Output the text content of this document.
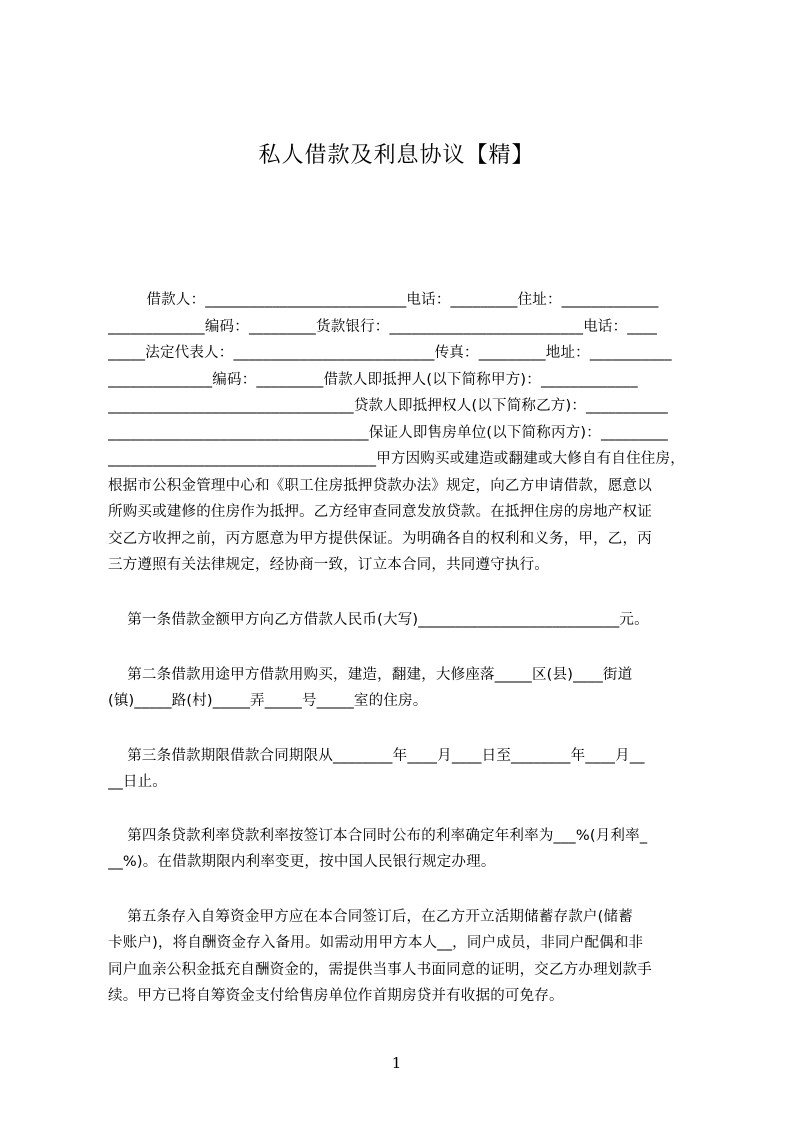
私人借款及利息协议【精】
借款人：___________________________电话：_________住址：_____________
_____________编码：_________货款银行：__________________________电话：____
_____法定代表人：___________________________传真：_________地址：___________
______________编码：_________借款人即抵押人(以下简称甲方)：_____________
_________________________________贷款人即抵押权人(以下简称乙方)：___________
___________________________________保证人即售房单位(以下简称丙方)：_________
____________________________________甲方因购买或建造或翻建或大修自有自住住房，
根据市公积金管理中心和《职工住房抵押贷款办法》规定，向乙方申请借款，愿意以
所购买或建修的住房作为抵押。乙方经审查同意发放贷款。在抵押住房的房地产权证
交乙方收押之前，丙方愿意为甲方提供保证。为明确各自的权利和义务，甲，乙，丙
三方遵照有关法律规定，经协商一致，订立本合同，共同遵守执行。
第一条借款金额甲方向乙方借款人民币(大写)___________________________元。
第二条借款用途甲方借款用购买，建造，翻建，大修座落_____区(县)____街道
(镇)_____路(村)_____弄_____号_____室的住房。
第三条借款期限借款合同期限从________年____月____日至________年____月__
__日止。
第四条贷款利率贷款利率按签订本合同时公布的利率确定年利率为___%(月利率_
__%)。在借款期限内利率变更，按中国人民银行规定办理。
第五条存入自筹资金甲方应在本合同签订后，在乙方开立活期储蓄存款户(储蓄
卡账户)，将自酬资金存入备用。如需动用甲方本人__，同户成员，非同户配偶和非
同户血亲公积金抵充自酬资金的，需提供当事人书面同意的证明，交乙方办理划款手
续。甲方已将自筹资金支付给售房单位作首期房贷并有收据的可免存。
1
